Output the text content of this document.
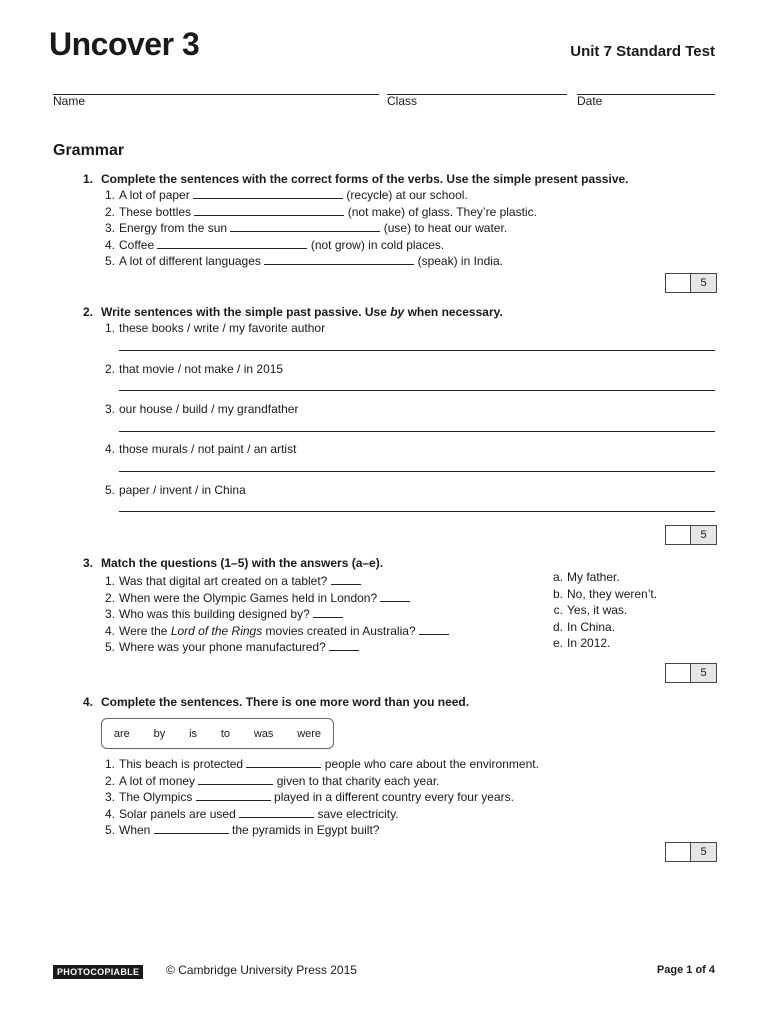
Uncover 3	Unit 7 Standard Test
Name	Class	Date
Grammar
1. Complete the sentences with the correct forms of the verbs. Use the simple present passive.
1. A lot of paper	(recycle) at our school.
2. These bottles	(not make) of glass. They’re plastic.
3. Energy from the sun	(use) to heat our water.
4. Coffee	(not grow) in cold places.
5. A lot of different languages	(speak) in India.
5
2. Write sentences with the simple past passive. Use by when necessary.
1. these books / write / my favorite author
2. that movie / not make / in 2015
3. our house / build / my grandfather
4. those murals / not paint / an artist
5. paper / invent / in China
5
3. Match the questions (1–5) with the answers (a–e).
1. Was that digital art created on a tablet?
2. When were the Olympic Games held in London?
3. Who was this building designed by?
4. Were the Lord of the Rings movies created in Australia?
5. Where was your phone manufactured?
a. My father.
b. No, they weren’t.
c. Yes, it was.
d. In China.
e. In 2012.
5
4. Complete the sentences. There is one more word than you need.
are by is to was were
1. This beach is protected	people who care about the environment.
2. A lot of money	given to that charity each year.
3. The Olympics	played in a different country every four years.
4. Solar panels are used	save electricity.
5. When	the pyramids in Egypt built?
5
PHOTOCOPIABLE	© Cambridge University Press 2015	Page 1 of 4
